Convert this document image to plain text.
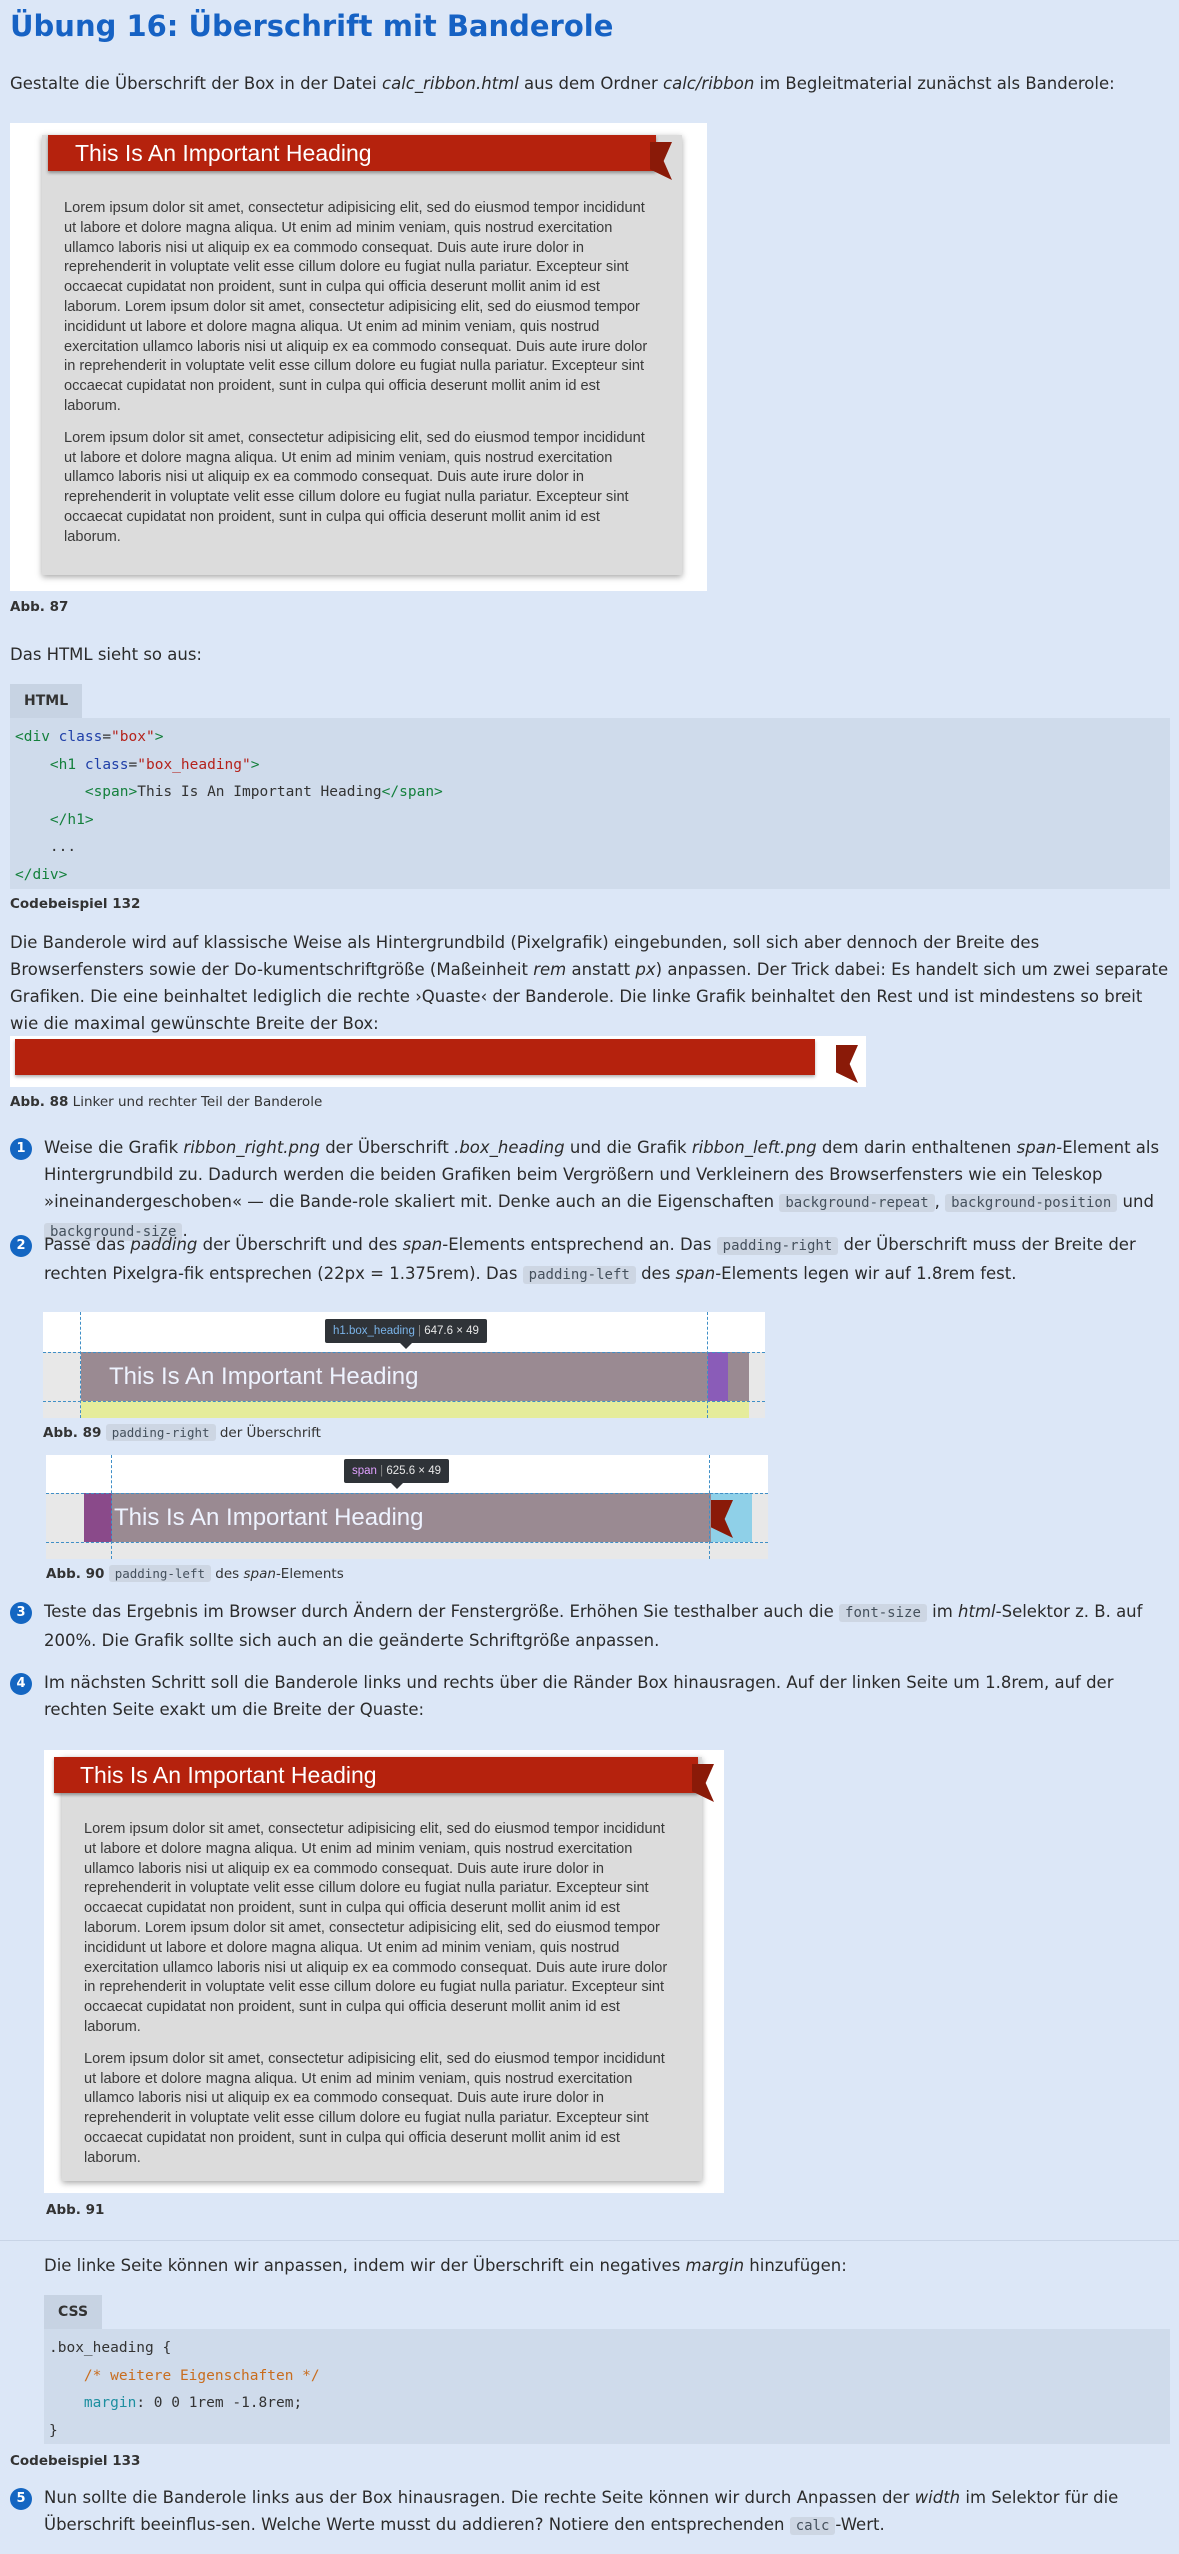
Übung 16: Überschrift mit Banderole

Gestalte die Überschrift der Box in der Datei calc_ribbon.html aus dem Ordner calc/ribbon im Begleitmaterial zunächst als Banderole:

Lorem ipsum dolor sit amet, consectetur adipisicing elit, sed do eiusmod tempor incididunt ut labore et dolore magna aliqua. Ut enim ad minim veniam, quis nostrud exercitation ullamco laboris nisi ut aliquip ex ea commodo consequat. Duis aute irure dolor in reprehenderit in voluptate velit esse cillum dolore eu fugiat nulla pariatur. Excepteur sint occaecat cupidatat non proident, sunt in culpa qui officia deserunt mollit anim id est laborum. Lorem ipsum dolor sit amet, consectetur adipisicing elit, sed do eiusmod tempor incididunt ut labore et dolore magna aliqua. Ut enim ad minim veniam, quis nostrud exercitation ullamco laboris nisi ut aliquip ex ea commodo consequat. Duis aute irure dolor in reprehenderit in voluptate velit esse cillum dolore eu fugiat nulla pariatur. Excepteur sint occaecat cupidatat non proident, sunt in culpa qui officia deserunt mollit anim id est laborum.

Lorem ipsum dolor sit amet, consectetur adipisicing elit, sed do eiusmod tempor incididunt ut labore et dolore magna aliqua. Ut enim ad minim veniam, quis nostrud exercitation ullamco laboris nisi ut aliquip ex ea commodo consequat. Duis aute irure dolor in reprehenderit in voluptate velit esse cillum dolore eu fugiat nulla pariatur. Excepteur sint occaecat cupidatat non proident, sunt in culpa qui officia deserunt mollit anim id est laborum.

This Is An Important Heading
Abb. 87

Das HTML sieht so aus:

HTML
<div class="box">
<h1 class="box_heading">
<span>This Is An Important Heading</span>
</h1>
...
</div>
Codebeispiel 132

Die Banderole wird auf klassische Weise als Hintergrundbild (Pixelgrafik) eingebunden, soll sich aber dennoch der Breite des Browserfensters sowie der Do-kumentschriftgröße (Maßeinheit rem anstatt px) anpassen. Der Trick dabei: Es handelt sich um zwei separate Grafiken. Die eine beinhaltet lediglich die rechte ›Quaste‹ der Banderole. Die linke Grafik beinhaltet den Rest und ist mindestens so breit wie die maximal gewünschte Breite der Box:

Abb. 88 Linker und rechter Teil der Banderole
1	Weise die Grafik ribbon_right.png der Überschrift .box_heading und die Grafik ribbon_left.png dem darin enthaltenen span-Element als Hintergrundbild zu. Dadurch werden die beiden Grafiken beim Vergrößern und Verkleinern des Browserfensters wie ein Teleskop »ineinandergeschoben« — die Bande-role skaliert mit. Denke auch an die Eigenschaften background-repeat , background-position und background-size .

2	Passe das padding der Überschrift und des span-Elements entsprechend an. Das padding-right der Überschrift muss der Breite der rechten Pixelgra-fik entsprechen (22px = 1.375rem). Das padding-left des span-Elements legen wir auf 1.8rem fest.

This Is An Important Heading
h1.box_heading | 647.6 × 49
Abb. 89 padding-right der Überschrift
This Is An Important Heading
span | 625.6 × 49
Abb. 90 padding-left des span-Elements
3	Teste das Ergebnis im Browser durch Ändern der Fenstergröße. Erhöhen Sie testhalber auch die font-size im html-Selektor z. B. auf 200%. Die Grafik sollte sich auch an die geänderte Schriftgröße anpassen.

4	Im nächsten Schritt soll die Banderole links und rechts über die Ränder Box hinausragen. Auf der linken Seite um 1.8rem, auf der rechten Seite exakt um die Breite der Quaste:

Lorem ipsum dolor sit amet, consectetur adipisicing elit, sed do eiusmod tempor incididunt ut labore et dolore magna aliqua. Ut enim ad minim veniam, quis nostrud exercitation ullamco laboris nisi ut aliquip ex ea commodo consequat. Duis aute irure dolor in reprehenderit in voluptate velit esse cillum dolore eu fugiat nulla pariatur. Excepteur sint occaecat cupidatat non proident, sunt in culpa qui officia deserunt mollit anim id est laborum. Lorem ipsum dolor sit amet, consectetur adipisicing elit, sed do eiusmod tempor incididunt ut labore et dolore magna aliqua. Ut enim ad minim veniam, quis nostrud exercitation ullamco laboris nisi ut aliquip ex ea commodo consequat. Duis aute irure dolor in reprehenderit in voluptate velit esse cillum dolore eu fugiat nulla pariatur. Excepteur sint occaecat cupidatat non proident, sunt in culpa qui officia deserunt mollit anim id est laborum.

Lorem ipsum dolor sit amet, consectetur adipisicing elit, sed do eiusmod tempor incididunt ut labore et dolore magna aliqua. Ut enim ad minim veniam, quis nostrud exercitation ullamco laboris nisi ut aliquip ex ea commodo consequat. Duis aute irure dolor in reprehenderit in voluptate velit esse cillum dolore eu fugiat nulla pariatur. Excepteur sint occaecat cupidatat non proident, sunt in culpa qui officia deserunt mollit anim id est laborum.

This Is An Important Heading
Abb. 91

Die linke Seite können wir anpassen, indem wir der Überschrift ein negatives margin hinzufügen:

CSS
.box_heading {
/* weitere Eigenschaften */
margin: 0 0 1rem -1.8rem;
}
Codebeispiel 133
5	Nun sollte die Banderole links aus der Box hinausragen. Die rechte Seite können wir durch Anpassen der width im Selektor für die Überschrift beeinflus-sen. Welche Werte musst du addieren? Notiere den entsprechenden calc -Wert.
